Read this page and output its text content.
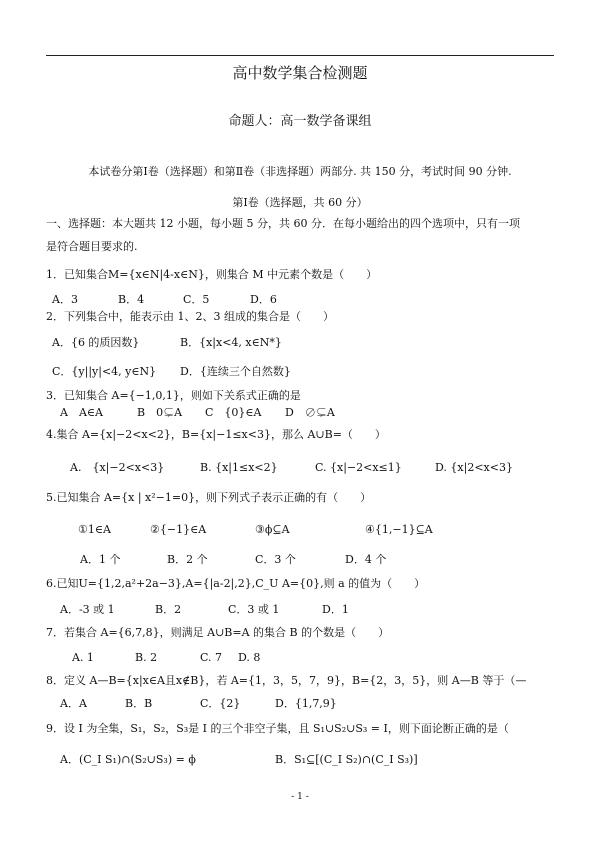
高中数学集合检测题
命题人：高一数学备课组
本试卷分第Ⅰ卷（选择题）和第Ⅱ卷（非选择题）两部分. 共 150 分，考试时间 90 分钟.
第Ⅰ卷（选择题，共 60 分）
一、选择题：本大题共 12 小题，每小题 5 分，共 60 分．在每小题给出的四个选项中，只有一项
是符合题目要求的.
1．已知集合M={x∈N|4-x∈N}，则集合 M 中元素个数是（　　）
A．3	B．4	C．5	D．6
2．下列集合中，能表示由 1、2、3 组成的集合是（　　）
A．{6 的质因数}	B．{x|x<4, x∈N*}
C．{y||y|<4, y∈N} D．{连续三个自然数}
3．已知集合 A={−1,0,1}，则如下关系式正确的是
A　A∈A	B　0⊊A C　{0}∈A D　∅⊊A
4.集合 A={x|−2<x<2}，B={x|−1≤x<3}，那么 A∪B=（　　）
A.　{x|−2<x<3}	B. {x|1≤x<2}	C. {x|−2<x≤1}	D. {x|2<x<3}
5.已知集合 A={x | x²−1=0}，则下列式子表示正确的有（　　）
①1∈A	②{−1}∈A	③ϕ⊆A	④{1,−1}⊆A
A．1 个	B．2 个	C．3 个	D．4 个
6.已知U={1,2,a²+2a−3},A={|a-2|,2},C_U A={0},则 a 的值为（　　）
A．-3 或 1	B．2	C．3 或 1	D．1
7．若集合 A={6,7,8}，则满足 A∪B=A 的集合 B 的个数是（　　）
A. 1	B. 2	C. 7 D. 8
8．定义 A—B={x|x∈A且x∉B}，若 A={1，3，5，7，9}，B={2，3，5}，则 A—B 等于（—
A．A	B．B	C．{2}	D．{1,7,9}
9．设 I 为全集，S₁，S₂，S₃是 I 的三个非空子集，且 S₁∪S₂∪S₃ = I，则下面论断正确的是（
A．(C_I S₁)∩(S₂∪S₃) = ϕ	B．S₁⊆[(C_I S₂)∩(C_I S₃)]
- 1 -
